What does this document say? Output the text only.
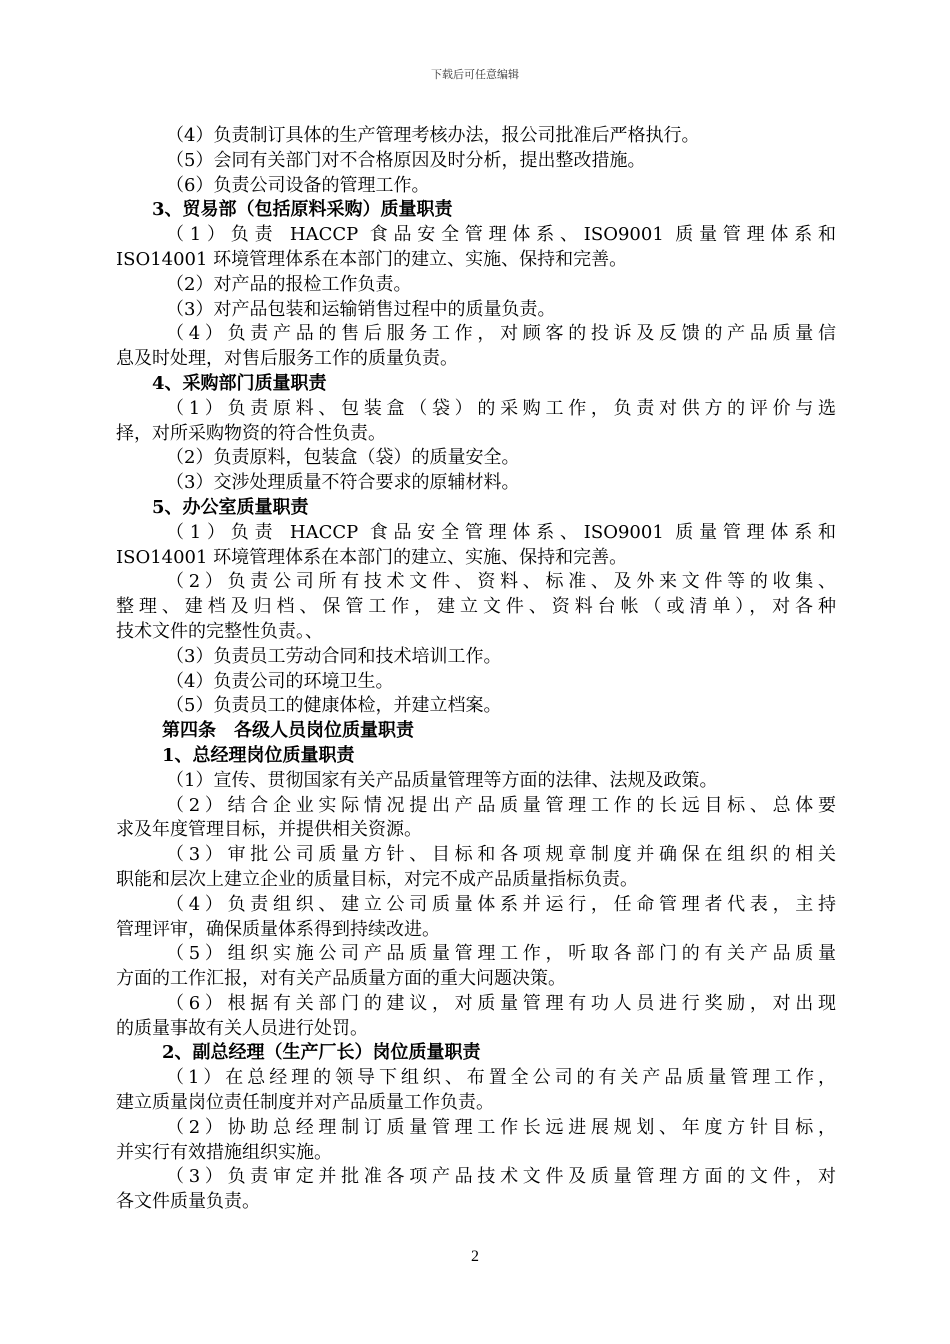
下载后可任意编辑
（4）负责制订具体的生产管理考核办法，报公司批准后严格执行。
（5）会同有关部门对不合格原因及时分析，提出整改措施。
（6）负责公司设备的管理工作。
3、贸易部（包括原料采购）质量职责
（1）负责 HACCP 食品安全管理体系、ISO9001 质量管理体系和
ISO14001 环境管理体系在本部门的建立、实施、保持和完善。
（2）对产品的报检工作负责。
（3）对产品包装和运输销售过程中的质量负责。
（4）负责产品的售后服务工作，对顾客的投诉及反馈的产品质量信
息及时处理，对售后服务工作的质量负责。
4、采购部门质量职责
（1）负责原料、包装盒（袋）的采购工作，负责对供方的评价与选
择，对所采购物资的符合性负责。
（2）负责原料，包装盒（袋）的质量安全。
（3）交涉处理质量不符合要求的原辅材料。
5、办公室质量职责
（1）负责 HACCP 食品安全管理体系、ISO9001 质量管理体系和
ISO14001 环境管理体系在本部门的建立、实施、保持和完善。
（2）负责公司所有技术文件、资料、标准、及外来文件等的收集、
整理、建档及归档、保管工作，建立文件、资料台帐（或清单），对各种
技术文件的完整性负责。、
（3）负责员工劳动合同和技术培训工作。
（4）负责公司的环境卫生。
（5）负责员工的健康体检，并建立档案。
第四条　各级人员岗位质量职责
1、总经理岗位质量职责
（1）宣传、贯彻国家有关产品质量管理等方面的法律、法规及政策。
（2）结合企业实际情况提出产品质量管理工作的长远目标、总体要
求及年度管理目标，并提供相关资源。
（3）审批公司质量方针、目标和各项规章制度并确保在组织的相关
职能和层次上建立企业的质量目标，对完不成产品质量指标负责。
（4）负责组织、建立公司质量体系并运行，任命管理者代表，主持
管理评审，确保质量体系得到持续改进。
（5）组织实施公司产品质量管理工作，听取各部门的有关产品质量
方面的工作汇报，对有关产品质量方面的重大问题决策。
（6）根据有关部门的建议，对质量管理有功人员进行奖励，对出现
的质量事故有关人员进行处罚。
2、副总经理（生产厂长）岗位质量职责
（1）在总经理的领导下组织、布置全公司的有关产品质量管理工作，
建立质量岗位责任制度并对产品质量工作负责。
（2）协助总经理制订质量管理工作长远进展规划、年度方针目标，
并实行有效措施组织实施。
（3）负责审定并批准各项产品技术文件及质量管理方面的文件，对
各文件质量负责。
2
